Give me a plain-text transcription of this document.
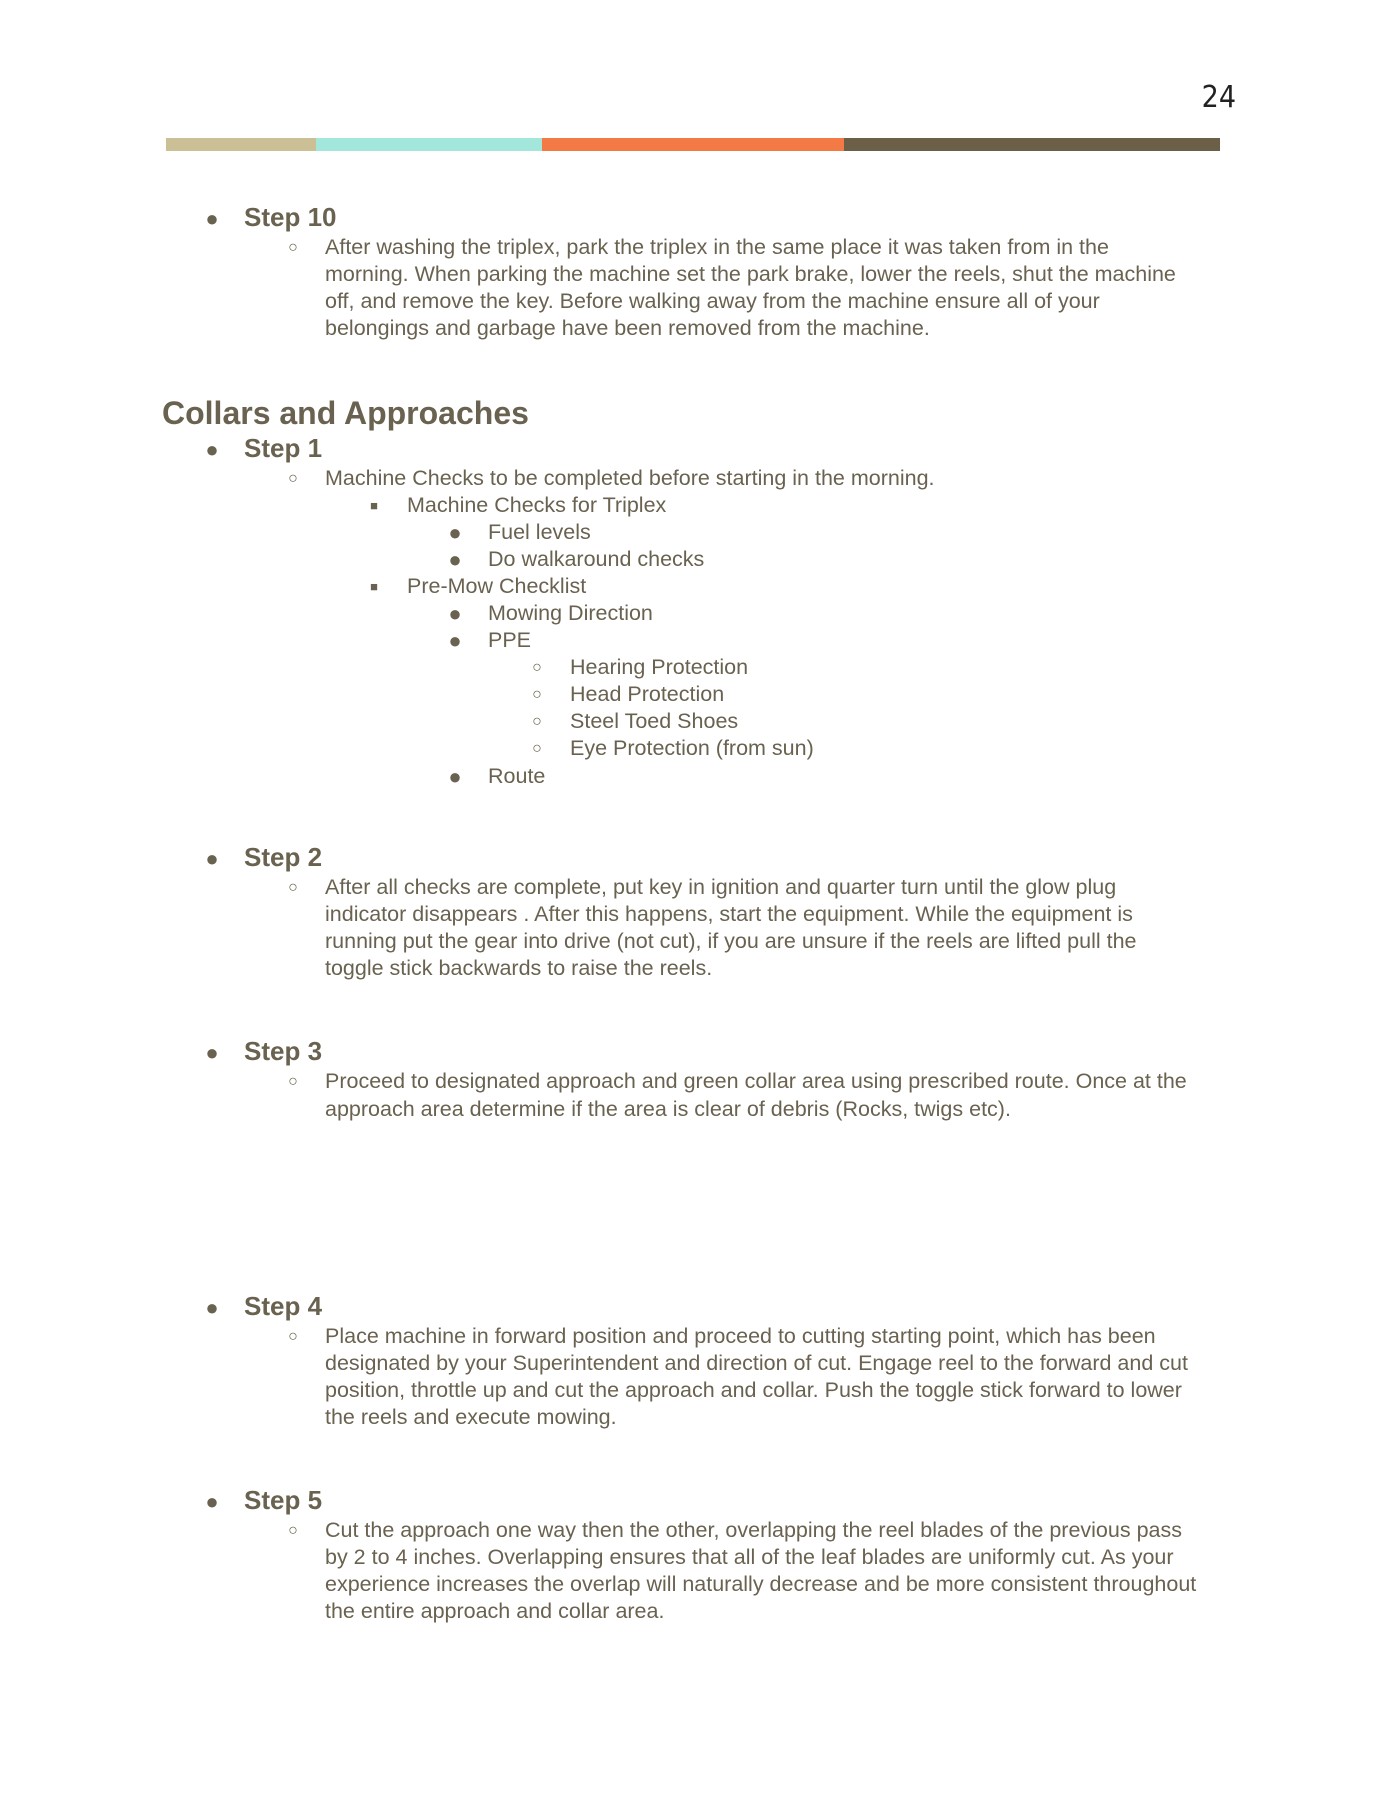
24
● Step 10
○ After washing the triplex, park the triplex in the same place it was taken from in the
morning. When parking the machine set the park brake, lower the reels, shut the machine
off, and remove the key. Before walking away from the machine ensure all of your
belongings and garbage have been removed from the machine.
Collars and Approaches
● Step 1
○ Machine Checks to be completed before starting in the morning.
■ Machine Checks for Triplex
● Fuel levels
● Do walkaround checks
■ Pre-Mow Checklist
● Mowing Direction
● PPE
○ Hearing Protection
○ Head Protection
○ Steel Toed Shoes
○ Eye Protection (from sun)
● Route
● Step 2
○ After all checks are complete, put key in ignition and quarter turn until the glow plug
indicator disappears . After this happens, start the equipment. While the equipment is
running put the gear into drive (not cut), if you are unsure if the reels are lifted pull the
toggle stick backwards to raise the reels.
● Step 3
○ Proceed to designated approach and green collar area using prescribed route. Once at the
approach area determine if the area is clear of debris (Rocks, twigs etc).
● Step 4
○ Place machine in forward position and proceed to cutting starting point, which has been
designated by your Superintendent and direction of cut. Engage reel to the forward and cut
position, throttle up and cut the approach and collar. Push the toggle stick forward to lower
the reels and execute mowing.
● Step 5
○ Cut the approach one way then the other, overlapping the reel blades of the previous pass
by 2 to 4 inches. Overlapping ensures that all of the leaf blades are uniformly cut. As your
experience increases the overlap will naturally decrease and be more consistent throughout
the entire approach and collar area.
